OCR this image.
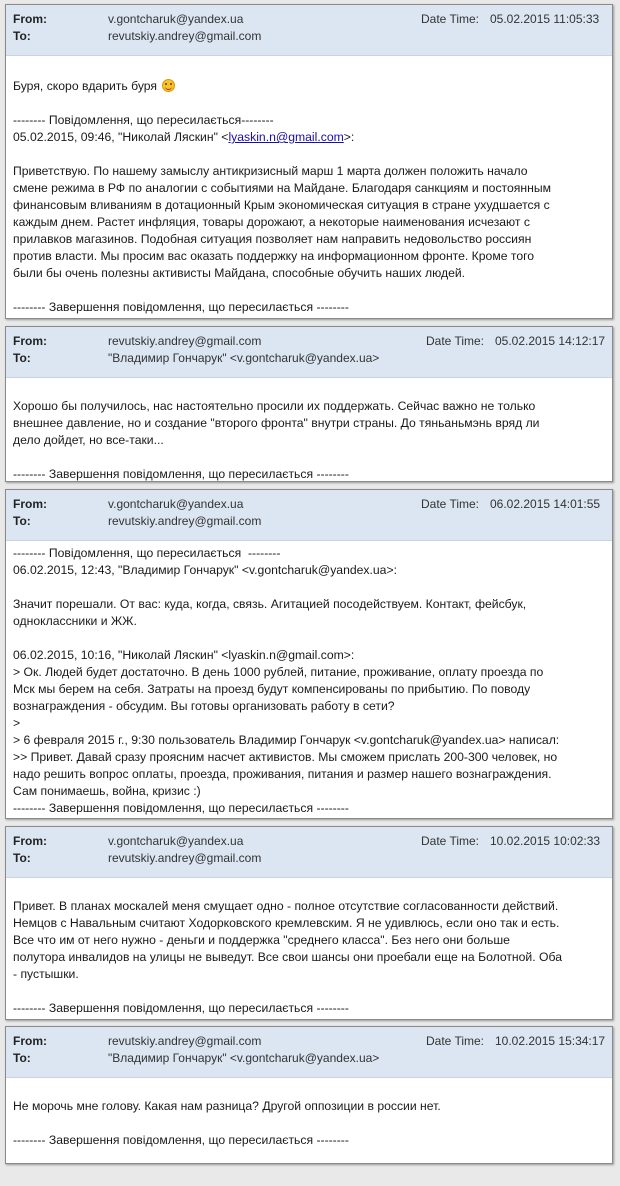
From:	v.gontcharuk@yandex.ua	Date Time: 05.02.2015 11:05:33
To:	revutskiy.andrey@gmail.com

Буря, скоро вдарить буря

-------- Повідомлення, що пересилається--------

05.02.2015, 09:46, "Николай Ляскин" <lyaskin.n@gmail.com>:

Приветствую. По нашему замыслу антикризисный марш 1 марта должен положить начало

смене режима в РФ по аналогии с событиями на Майдане. Благодаря санкциям и постоянным

финансовым вливаниям в дотационный Крым экономическая ситуация в стране ухудшается с

каждым днем. Растет инфляция, товары дорожают, а некоторые наименования исчезают с

прилавков магазинов. Подобная ситуация позволяет нам направить недовольство россиян

против власти. Мы просим вас оказать поддержку на информационном фронте. Кроме того

были бы очень полезны активисты Майдана, способные обучить наших людей.

-------- Завершення повідомлення, що пересилається --------

From:	revutskiy.andrey@gmail.com	Date Time: 05.02.2015 14:12:17
To:	"Владимир Гончарук" <v.gontcharuk@yandex.ua>

Хорошо бы получилось, нас настоятельно просили их поддержать. Сейчас важно не только

внешнее давление, но и создание "второго фронта" внутри страны. До тяньаньмэнь вряд ли

дело дойдет, но все-таки...

-------- Завершення повідомлення, що пересилається --------

From:	v.gontcharuk@yandex.ua	Date Time: 06.02.2015 14:01:55
To:	revutskiy.andrey@gmail.com

-------- Повідомлення, що пересилається  --------

06.02.2015, 12:43, "Владимир Гончарук" <v.gontcharuk@yandex.ua>:

Значит порешали. От вас: куда, когда, связь. Агитацией посодействуем. Контакт, фейсбук,

одноклассники и ЖЖ.

06.02.2015, 10:16, "Николай Ляскин" <lyaskin.n@gmail.com>:

> Ок. Людей будет достаточно. В день 1000 рублей, питание, проживание, оплату проезда по

Мск мы берем на себя. Затраты на проезд будут компенсированы по прибытию. По поводу

вознаграждения - обсудим. Вы готовы организовать работу в сети?

>

> 6 февраля 2015 г., 9:30 пользователь Владимир Гончарук <v.gontcharuk@yandex.ua> написал:

>> Привет. Давай сразу проясним насчет активистов. Мы сможем прислать 200-300 человек, но

надо решить вопрос оплаты, проезда, проживания, питания и размер нашего вознаграждения.

Сам понимаешь, война, кризис :)

-------- Завершення повідомлення, що пересилається --------

From:	v.gontcharuk@yandex.ua	Date Time: 10.02.2015 10:02:33
To:	revutskiy.andrey@gmail.com

Привет. В планах москалей меня смущает одно - полное отсутствие согласованности действий.

Немцов с Навальным считают Ходорковского кремлевским. Я не удивлюсь, если оно так и есть.

Все что им от него нужно - деньги и поддержка "среднего класса". Без него они больше

полутора инвалидов на улицы не выведут. Все свои шансы они проебали еще на Болотной. Оба

- пустышки.

-------- Завершення повідомлення, що пересилається --------

From:	revutskiy.andrey@gmail.com	Date Time: 10.02.2015 15:34:17
To:	"Владимир Гончарук" <v.gontcharuk@yandex.ua>

Не морочь мне голову. Какая нам разница? Другой оппозиции в россии нет.

-------- Завершення повідомлення, що пересилається --------
